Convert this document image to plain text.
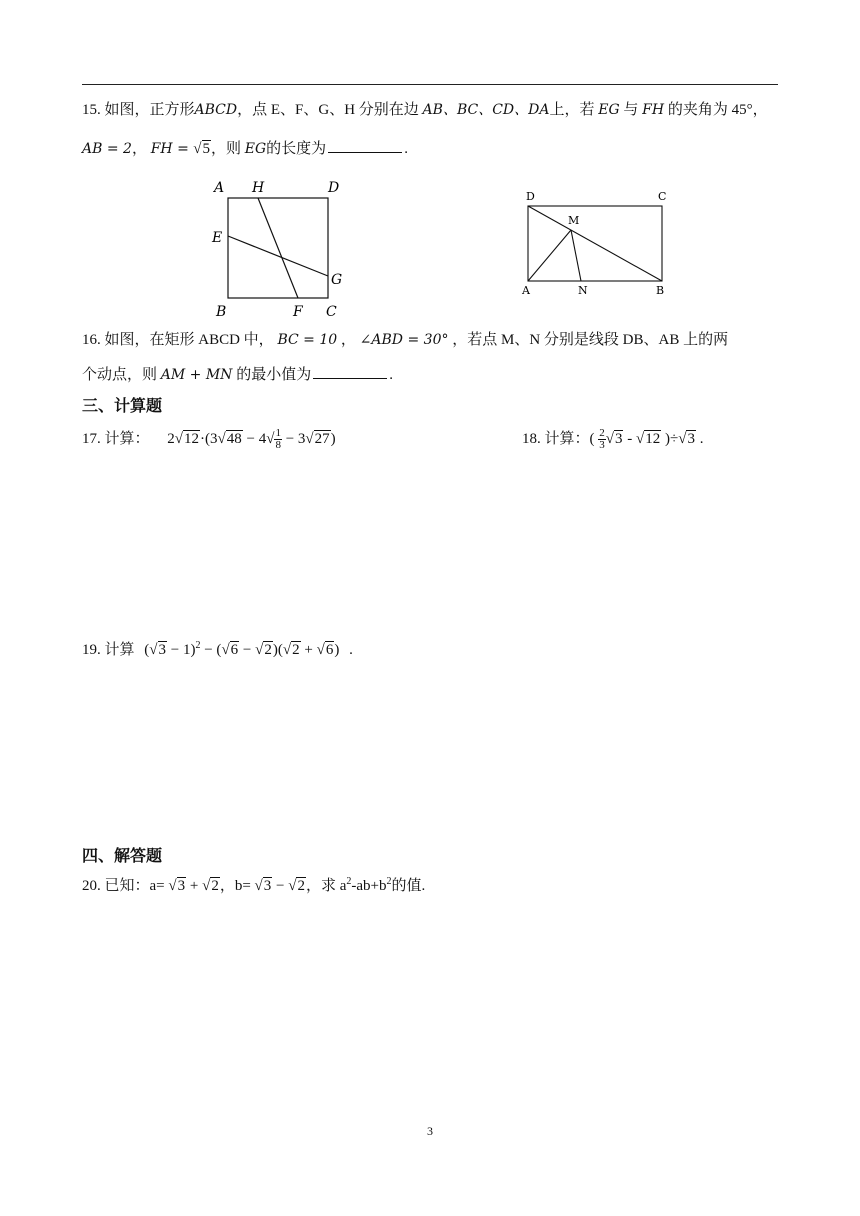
15. 如图，正方形ABCD，点 E、F、G、H 分别在边 AB、BC、CD、DA上，若 EG 与 FH 的夹角为 45°，
AB = 2， FH = √5，则 EG的长度为	.
A H	D
E
G
B	F C
D	C
M
A	N	B
16. 如图，在矩形 ABCD 中， BC = 10 ， ∠ABD = 30° ，若点 M、N 分别是线段 DB、AB 上的两
个动点，则 AM + MN 的最小值为	.
三、计算题
17. 计算： $2√12\cdot(3√48 - 4√ \frac{1}{8} - 3√27)$	18. 计算：( $\frac{2}{3} √3 - √12$ )÷√3 .
19. 计算 $(√3 - 1)^2 - (√6 - √2)(√2 + √6)$ .
四、解答题
20. 已知：a= √3 + √2，b= √3 − √2，求 $a^2-ab+b^2$的值.
3
